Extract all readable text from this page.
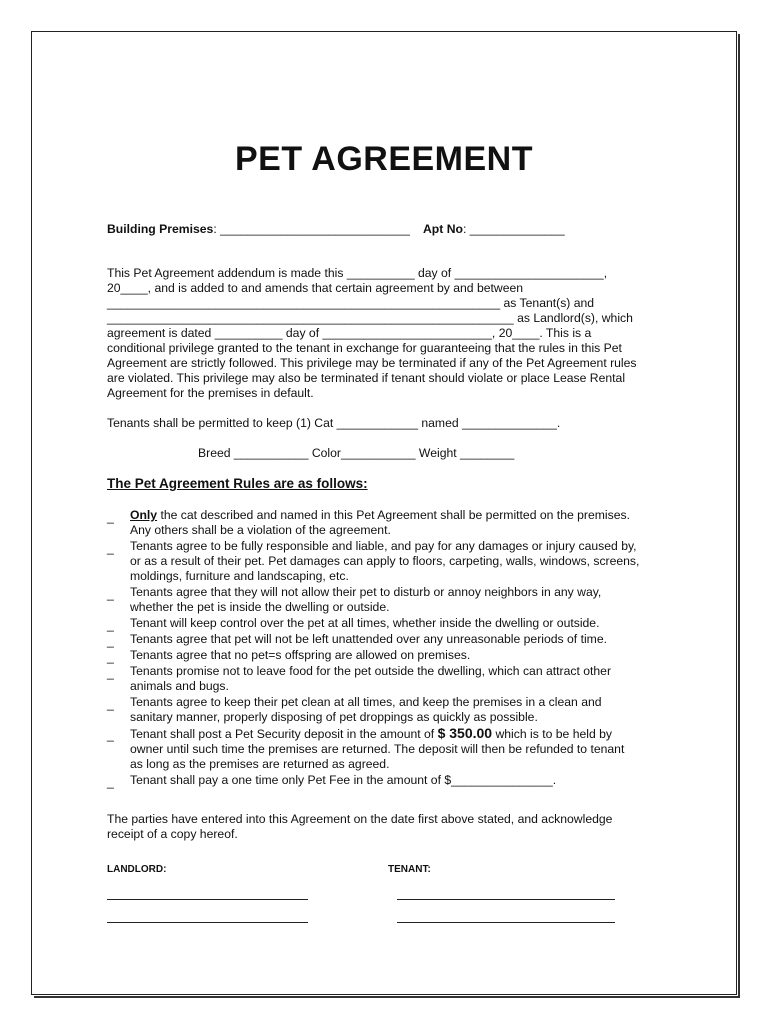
PET AGREEMENT
Building Premises: ____________________________ Apt No: ______________
This Pet Agreement addendum is made this __________ day of ______________________,
20____, and is added to and amends that certain agreement by and between
__________________________________________________________ as Tenant(s) and
____________________________________________________________ as Landlord(s), which
agreement is dated __________ day of _________________________, 20____. This is a
conditional privilege granted to the tenant in exchange for guaranteeing that the rules in this Pet
Agreement are strictly followed. This privilege may be terminated if any of the Pet Agreement rules
are violated. This privilege may also be terminated if tenant should violate or place Lease Rental
Agreement for the premises in default.
Tenants shall be permitted to keep (1) Cat ____________ named ______________.
Breed ___________ Color___________ Weight ________
The Pet Agreement Rules are as follows:
_ Only the cat described and named in this Pet Agreement shall be permitted on the premises.
Any others shall be a violation of the agreement.
_ Tenants agree to be fully responsible and liable, and pay for any damages or injury caused by,
or as a result of their pet. Pet damages can apply to floors, carpeting, walls, windows, screens,
moldings, furniture and landscaping, etc.
_ Tenants agree that they will not allow their pet to disturb or annoy neighbors in any way,
whether the pet is inside the dwelling or outside.
_ Tenant will keep control over the pet at all times, whether inside the dwelling or outside.
_ Tenants agree that pet will not be left unattended over any unreasonable periods of time.
_ Tenants agree that no pet=s offspring are allowed on premises.
_ Tenants promise not to leave food for the pet outside the dwelling, which can attract other
animals and bugs.
_ Tenants agree to keep their pet clean at all times, and keep the premises in a clean and
sanitary manner, properly disposing of pet droppings as quickly as possible.
_ Tenant shall post a Pet Security deposit in the amount of $ 350.00 which is to be held by
owner until such time the premises are returned. The deposit will then be refunded to tenant
as long as the premises are returned as agreed.
_ Tenant shall pay a one time only Pet Fee in the amount of $_______________.
The parties have entered into this Agreement on the date first above stated, and acknowledge
receipt of a copy hereof.
LANDLORD:	TENANT:
